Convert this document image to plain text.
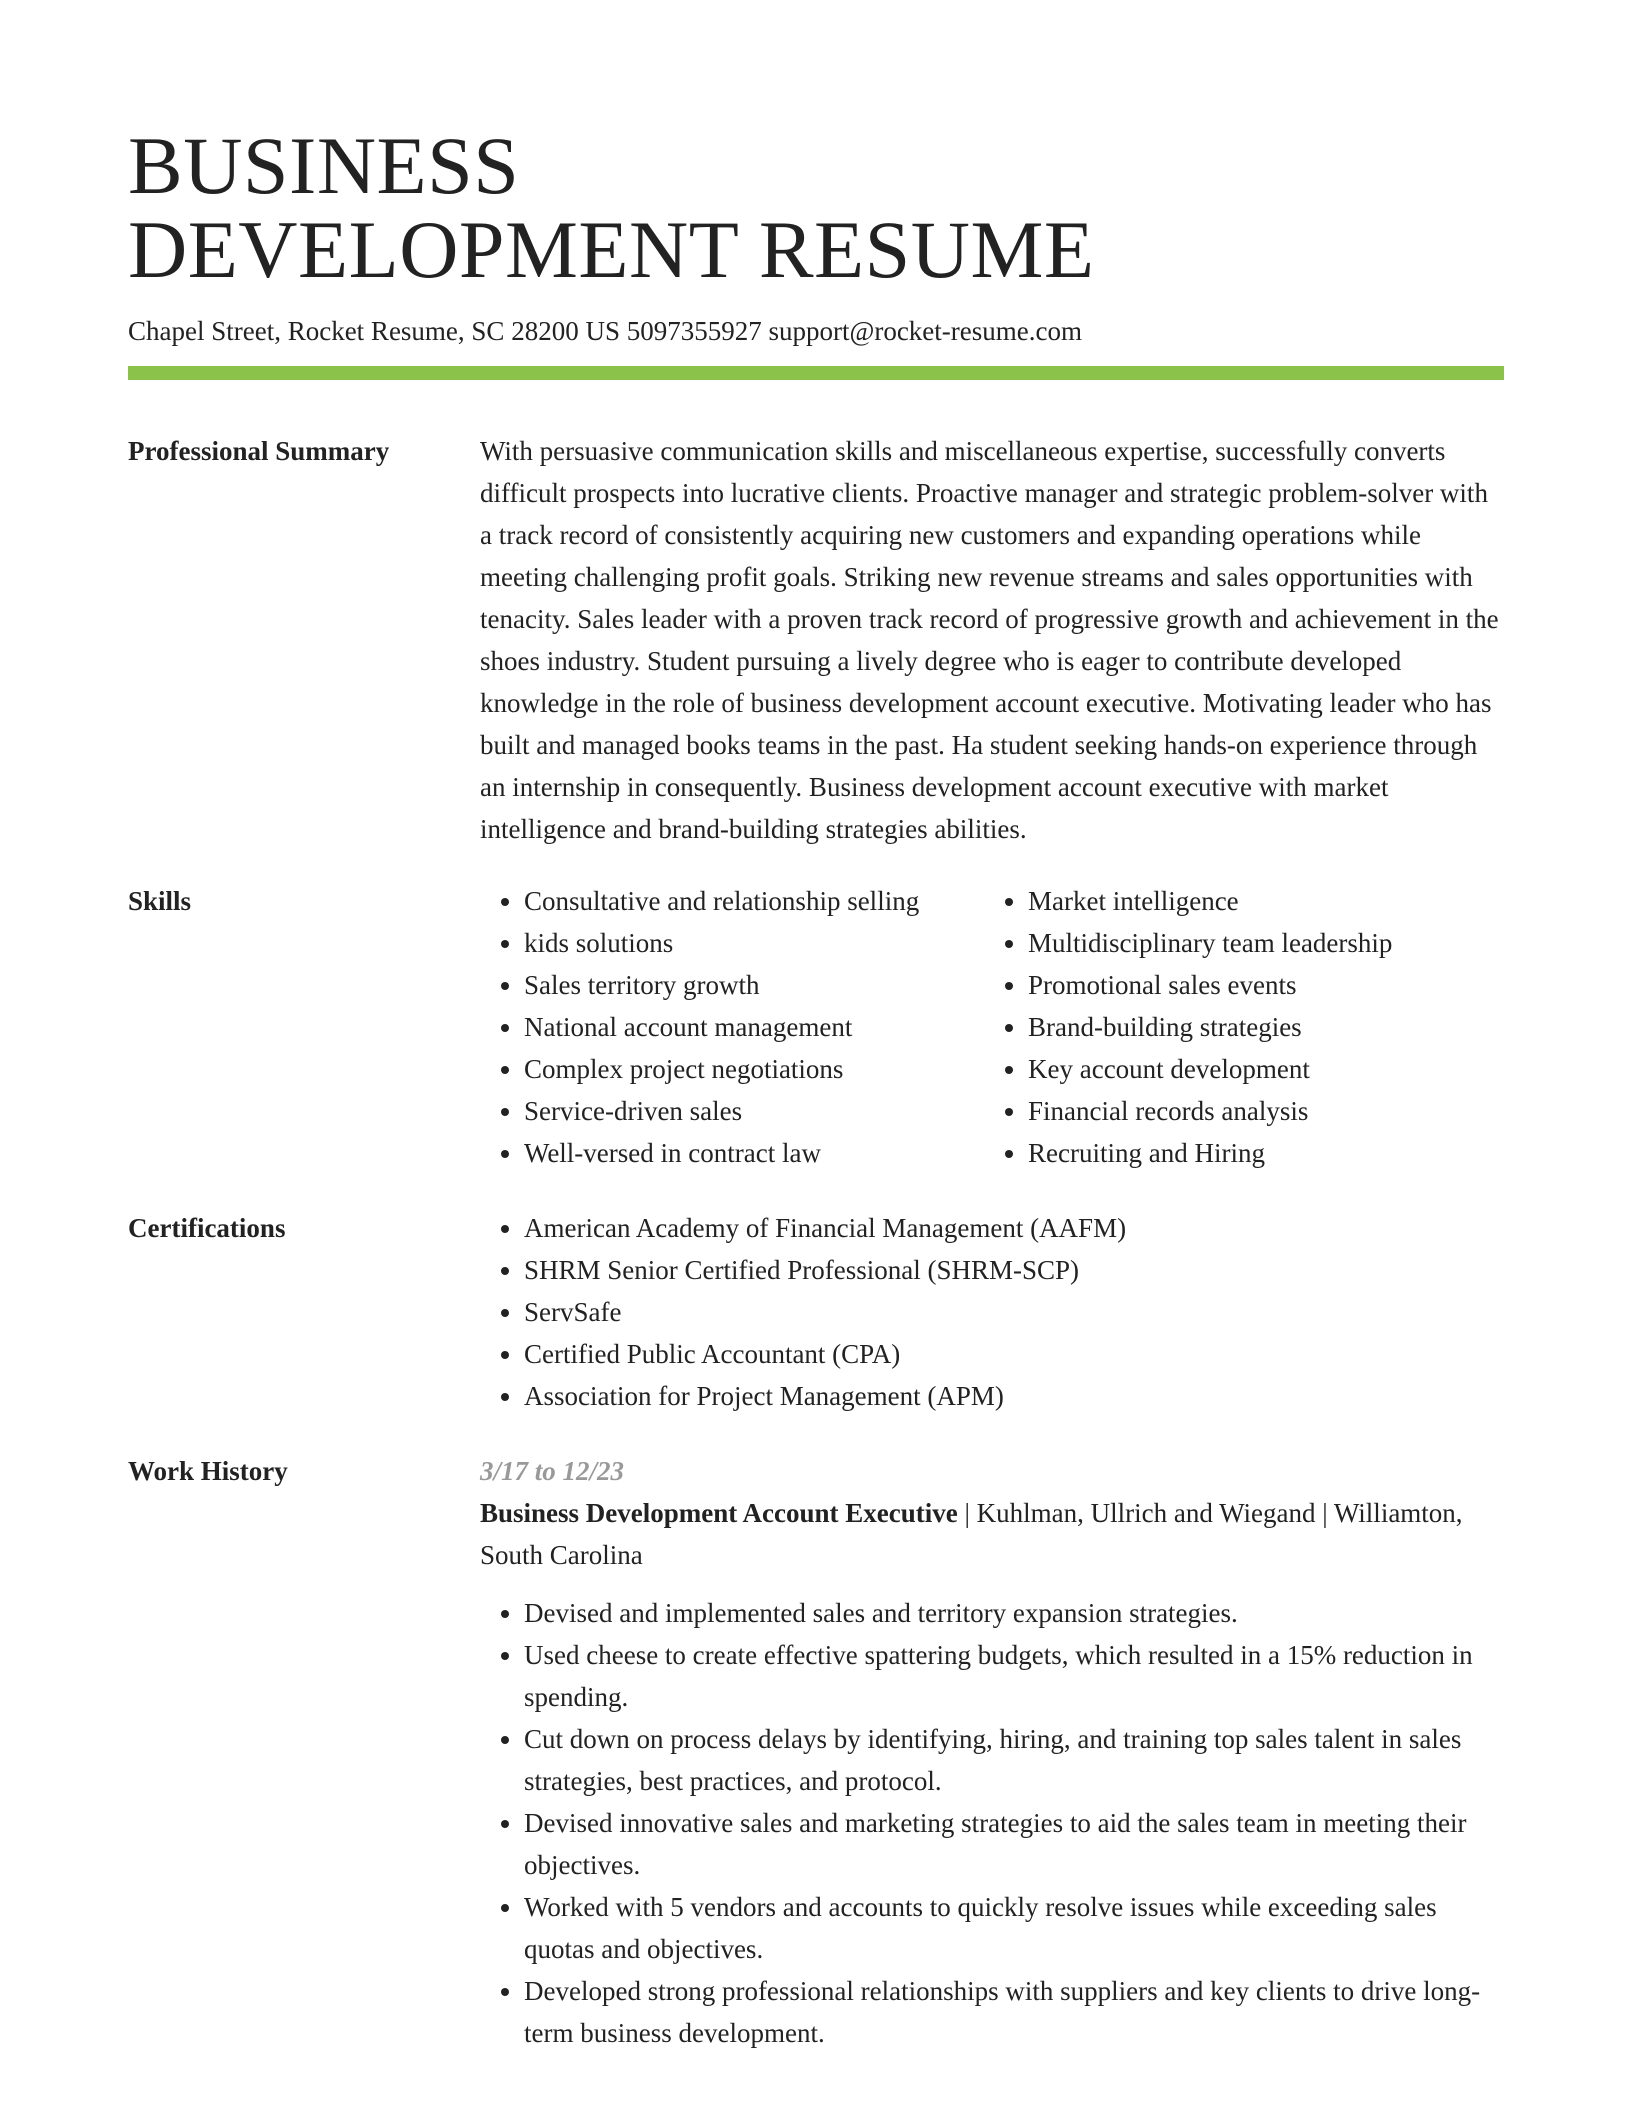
BUSINESS
DEVELOPMENT RESUME
Chapel Street, Rocket Resume, SC 28200 US 5097355927 support@rocket-resume.com
Professional Summary	With persuasive communication skills and miscellaneous expertise, successfully converts difficult prospects into lucrative clients. Proactive manager and strategic problem-solver with a track record of consistently acquiring new customers and expanding operations while meeting challenging profit goals. Striking new revenue streams and sales opportunities with tenacity. Sales leader with a proven track record of progressive growth and achievement in the shoes industry. Student pursuing a lively degree who is eager to contribute developed knowledge in the role of business development account executive. Motivating leader who has built and managed books teams in the past. Ha student seeking hands-on experience through an internship in consequently. Business development account executive with market intelligence and brand-building strategies abilities.
Skills	• Consultative and relationship selling
• kids solutions
• Sales territory growth
• National account management
• Complex project negotiations
• Service-driven sales
• Well-versed in contract law
• Market intelligence
• Multidisciplinary team leadership
• Promotional sales events
• Brand-building strategies
• Key account development
• Financial records analysis
• Recruiting and Hiring
Certifications	• American Academy of Financial Management (AAFM)
• SHRM Senior Certified Professional (SHRM-SCP)
• ServSafe
• Certified Public Accountant (CPA)
• Association for Project Management (APM)
Work History	3/17 to 12/23
Business Development Account Executive | Kuhlman, Ullrich and Wiegand | Williamton, South Carolina
• Devised and implemented sales and territory expansion strategies.
• Used cheese to create effective spattering budgets, which resulted in a 15% reduction in spending.
• Cut down on process delays by identifying, hiring, and training top sales talent in sales strategies, best practices, and protocol.
• Devised innovative sales and marketing strategies to aid the sales team in meeting their objectives.
• Worked with 5 vendors and accounts to quickly resolve issues while exceeding sales quotas and objectives.
• Developed strong professional relationships with suppliers and key clients to drive long-term business development.
